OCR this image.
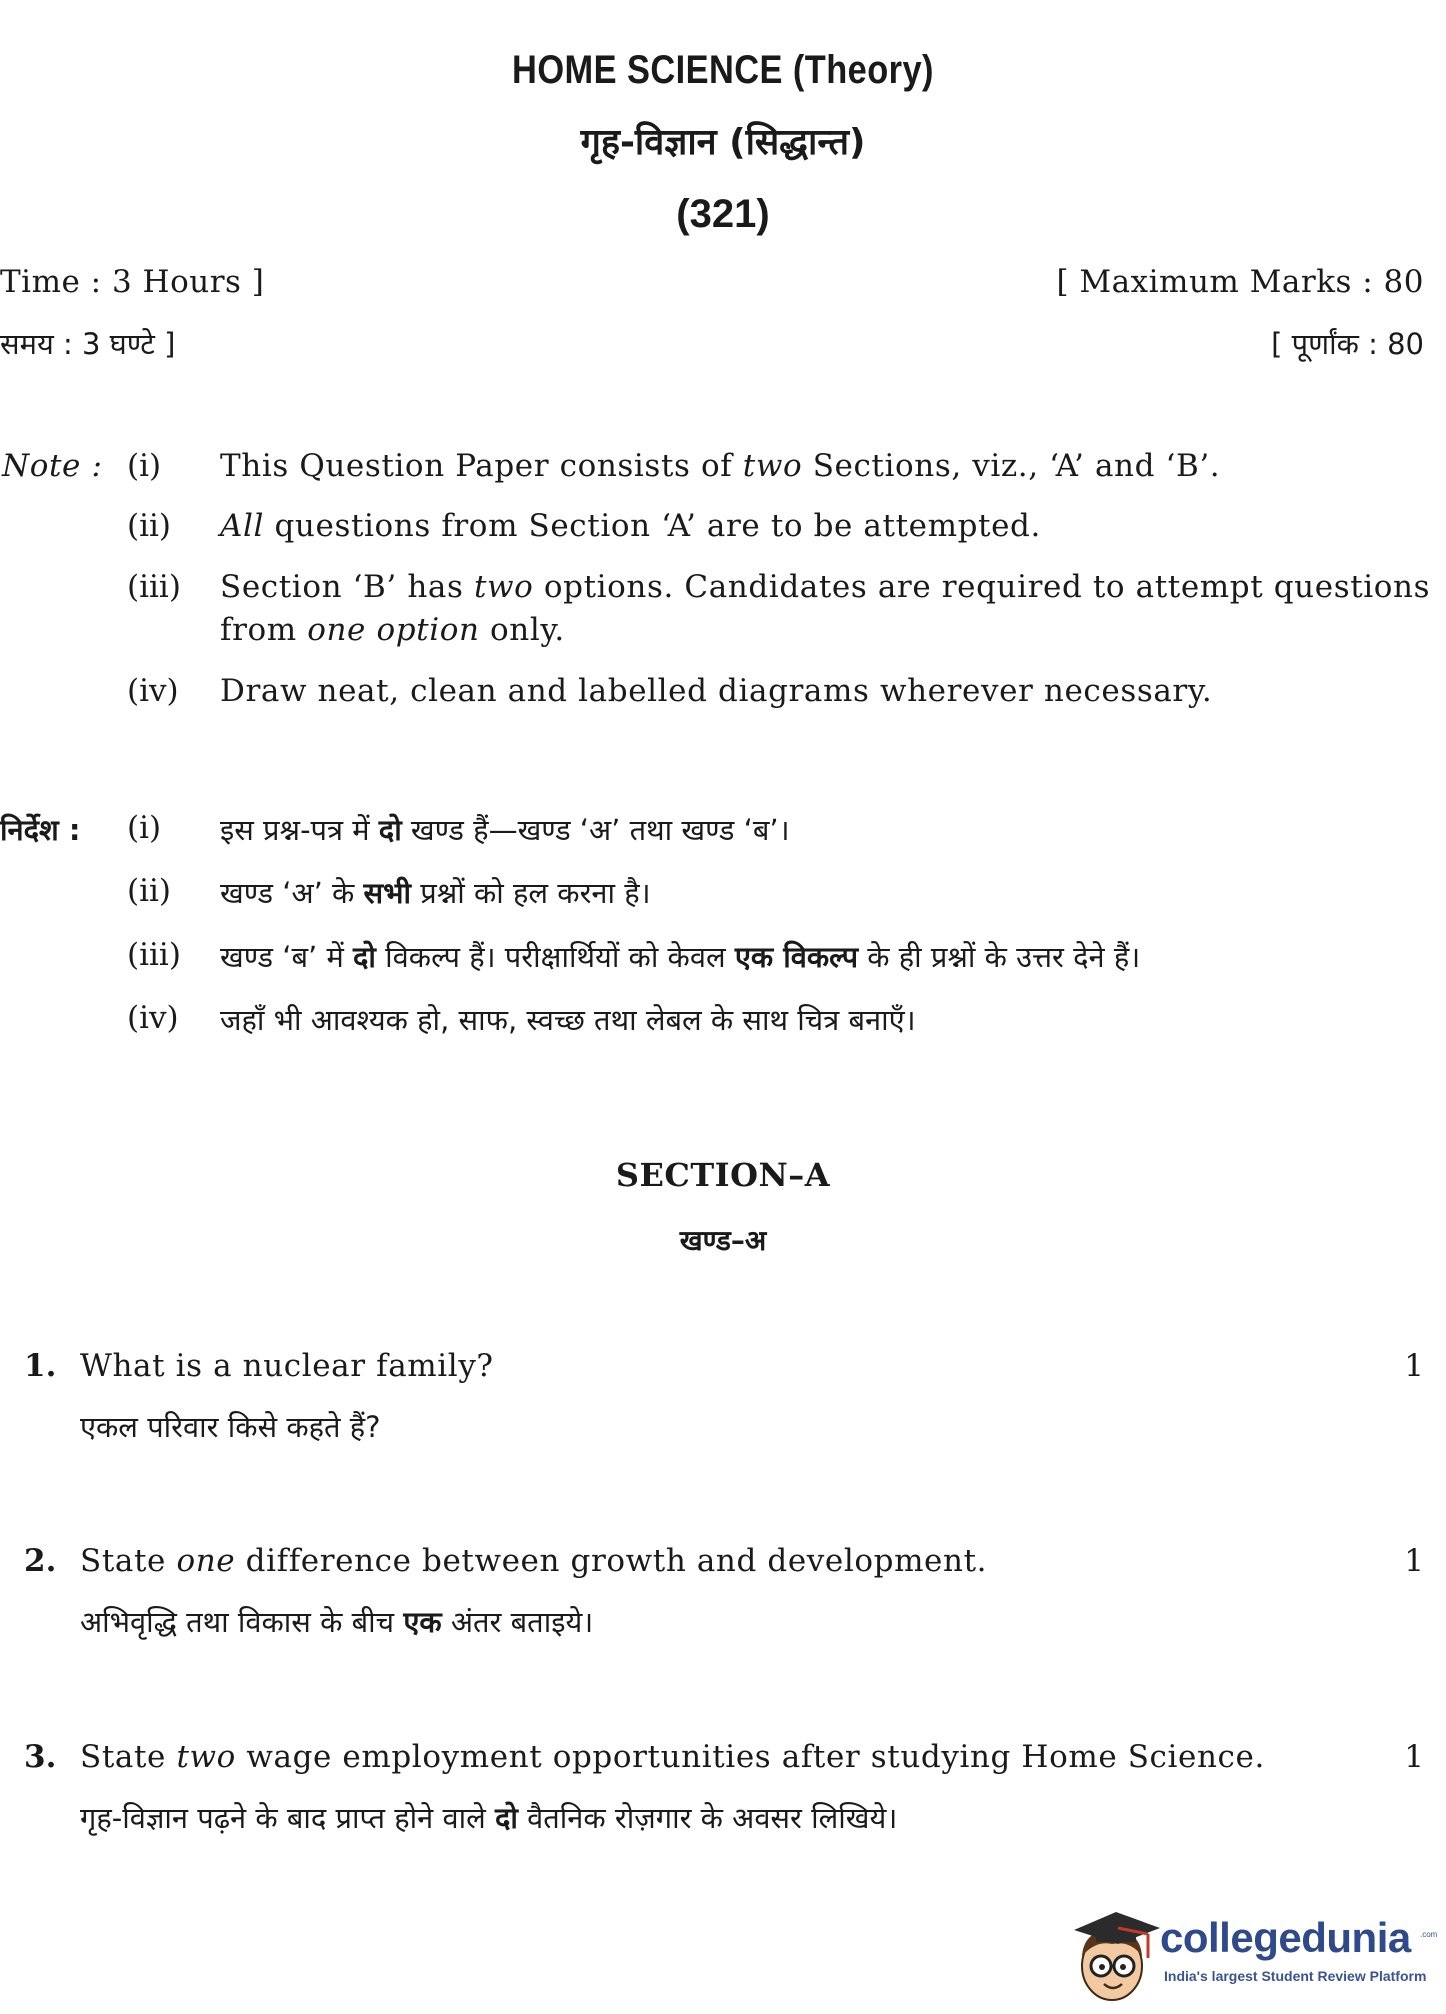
HOME SCIENCE (Theory)
गृह-विज्ञान (सिद्धान्त)
(321)
Time : 3 Hours ]	[ Maximum Marks : 80
समय : 3 घण्टे ]	[ पूर्णांक : 80
Note : (i) This Question Paper consists of two Sections, viz., ‘A’ and ‘B’.
(ii) All questions from Section ‘A’ are to be attempted.
(iii) Section ‘B’ has two options. Candidates are required to attempt questions
from one option only.
(iv) Draw neat, clean and labelled diagrams wherever necessary.
निर्देश : (i) इस प्रश्न-पत्र में दो खण्ड हैं—खण्ड ‘अ’ तथा खण्ड ‘ब’।
(ii) खण्ड ‘अ’ के सभी प्रश्नों को हल करना है।
(iii) खण्ड ‘ब’ में दो विकल्प हैं। परीक्षार्थियों को केवल एक विकल्प के ही प्रश्नों के उत्तर देने हैं।
(iv) जहाँ भी आवश्यक हो, साफ, स्वच्छ तथा लेबल के साथ चित्र बनाएँ।
SECTION–A
खण्ड–अ
1. What is a nuclear family?	1
एकल परिवार किसे कहते हैं?
2. State one difference between growth and development.	1
अभिवृद्धि तथा विकास के बीच एक अंतर बताइये।
3. State two wage employment opportunities after studying Home Science.	1
गृह-विज्ञान पढ़ने के बाद प्राप्त होने वाले दो वैतनिक रोज़गार के अवसर लिखिये।
collegedunia .com
India's largest Student Review Platform
